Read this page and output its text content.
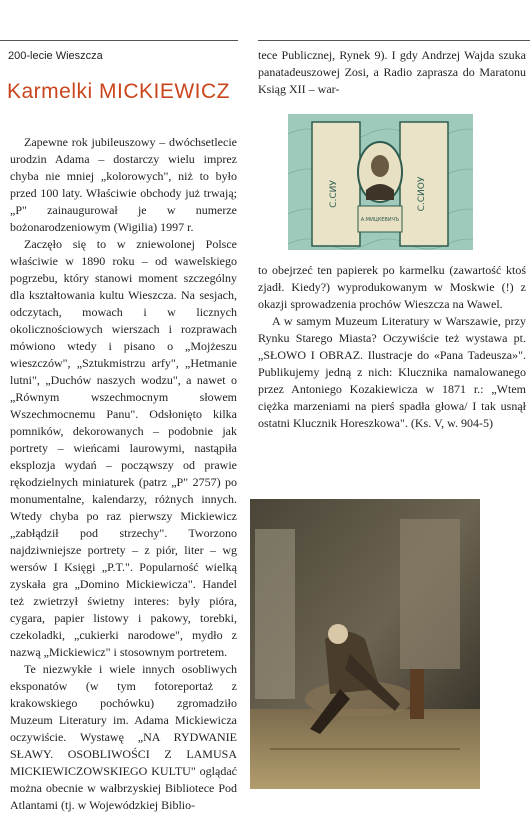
200-lecie Wieszcza
Karmelki MICKIEWICZ

Zapewne rok jubileuszowy – dwóchsetlecie urodzin Adama – dostarczy wielu imprez chyba nie mniej „kolorowych", niż to było przed 100 laty. Właściwie obchody już trwają; „P" zainaugurował je w numerze bożonarodzeniowym (Wigilia) 1997 r.

Zaczęło się to w zniewolonej Polsce właściwie w 1890 roku – od wawelskiego pogrzebu, który stanowi moment szczególny dla kształtowania kultu Wieszcza. Na sesjach, odczytach, mowach i w licznych okolicznościowych wierszach i rozprawach mówiono wtedy i pisano o „Mojżeszu wieszczów", „Sztukmistrzu arfy", „Hetmanie lutni", „Duchów naszych wodzu", a nawet o „Równym wszechmocnym słowem Wszechmocnemu Panu". Odsłonięto kilka pomników, dekorowanych – podobnie jak portrety – wieńcami laurowymi, nastąpiła eksplozja wydań – począwszy od prawie rękodzielnych miniaturek (patrz „P" 2757) po monumentalne, kalendarzy, różnych innych. Wtedy chyba po raz pierwszy Mickiewicz „zabłądził pod strzechy". Tworzono najdziwniejsze portrety – z piór, liter – wg wersów I Księgi „P.T.". Popularność wielką zyskała gra „Domino Mickiewicza". Handel też zwietrzył świetny interes: były pióra, cygara, papier listowy i pakowy, torebki, czekoladki, „cukierki narodowe", mydło z nazwą „Mickiewicz" i stosownym portretem.

Te niezwykłe i wiele innych osobliwych eksponatów (w tym fotoreportaż z krakowskiego pochówku) zgromadziło Muzeum Literatury im. Adama Mickiewicza oczywiście. Wystawę „NA RYDWANIE SŁAWY. OSOBLIWOŚCI Z LAMUSA MICKIEWICZOWSKIEGO KULTU" oglądać można obecnie w wałbrzyskiej Bibliotece Pod Atlantami (tj. w Wojewódzkiej Biblio-

tece Publicznej, Rynek 9). I gdy Andrzej Wajda szuka panatadeuszowej Zosi, a Radio zaprasza do Maratonu Ksiąg XII – war-

С.СИУ	С.СИОУ
А.МИЦКЕВИЧЪ

to obejrzeć ten papierek po karmelku (zawartość ktoś zjadł. Kiedy?) wyprodukowanym w Moskwie (!) z okazji sprowadzenia prochów Wieszcza na Wawel.

A w samym Muzeum Literatury w Warszawie, przy Rynku Starego Miasta? Oczywiście też wystawa pt. „SŁOWO I OBRAZ. Ilustracje do «Pana Tadeusza»". Publikujemy jedną z nich: Klucznika namalowanego przez Antoniego Kozakiewicza w 1871 r.: „Wtem ciężka marzeniami na pierś spadła głowa/ I tak usnął ostatni Klucznik Horeszkowa". (Ks. V, w. 904-5)
